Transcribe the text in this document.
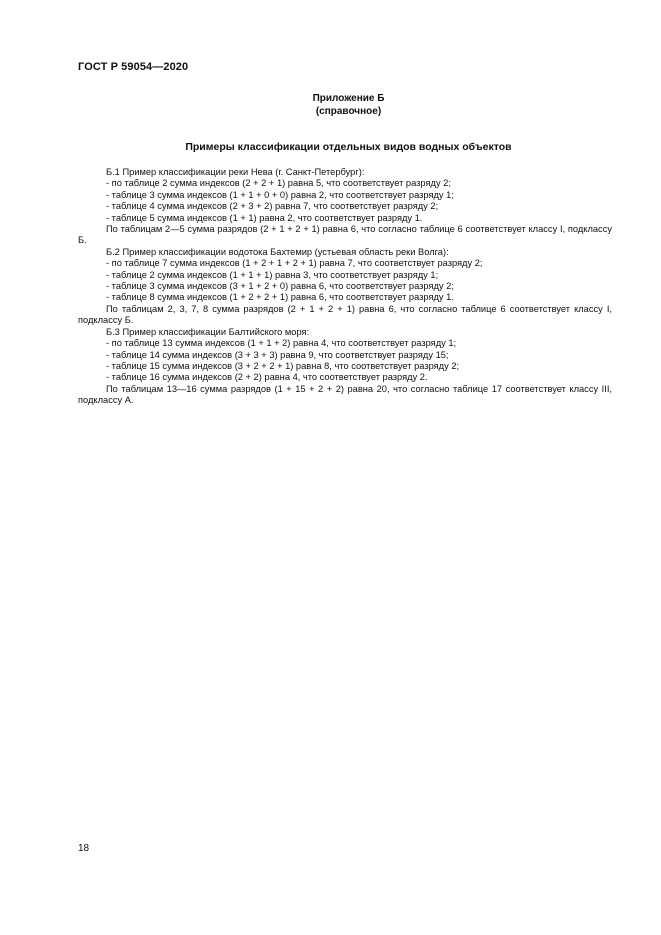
ГОСТ Р 59054—2020
Приложение Б
(справочное)
Примеры классификации отдельных видов водных объектов

Б.1 Пример классификации реки Нева (г. Санкт-Петербург):

- по таблице 2 сумма индексов (2 + 2 + 1) равна 5, что соответствует разряду 2;

- таблице 3 сумма индексов (1 + 1 + 0 + 0) равна 2, что соответствует разряду 1;

- таблице 4 сумма индексов (2 + 3 + 2) равна 7, что соответствует разряду 2;

- таблице 5 сумма индексов (1 + 1) равна 2, что соответствует разряду 1.

По таблицам 2—5 сумма разрядов (2 + 1 + 2 + 1) равна 6, что согласно таблице 6 соответствует классу I, подклассу Б.

Б.2 Пример классификации водотока Бахтемир (устьевая область реки Волга):

- по таблице 7 сумма индексов (1 + 2 + 1 + 2 + 1) равна 7, что соответствует разряду 2;

- таблице 2 сумма индексов (1 + 1 + 1) равна 3, что соответствует разряду 1;

- таблице 3 сумма индексов (3 + 1 + 2 + 0) равна 6, что соответствует разряду 2;

- таблице 8 сумма индексов (1 + 2 + 2 + 1) равна 6, что соответствует разряду 1.

По таблицам 2, 3, 7, 8 сумма разрядов (2 + 1 + 2 + 1) равна 6, что согласно таблице 6 соответствует классу I, подклассу Б.

Б.3 Пример классификации Балтийского моря:

- по таблице 13 сумма индексов (1 + 1 + 2) равна 4, что соответствует разряду 1;

- таблице 14 сумма индексов (3 + 3 + 3) равна 9, что соответствует разряду 15;

- таблице 15 сумма индексов (3 + 2 + 2 + 1) равна 8, что соответствует разряду 2;

- таблице 16 сумма индексов (2 + 2) равна 4, что соответствует разряду 2.

По таблицам 13—16 сумма разрядов (1 + 15 + 2 + 2) равна 20, что согласно таблице 17 соответствует классу III, подклассу А.

18
